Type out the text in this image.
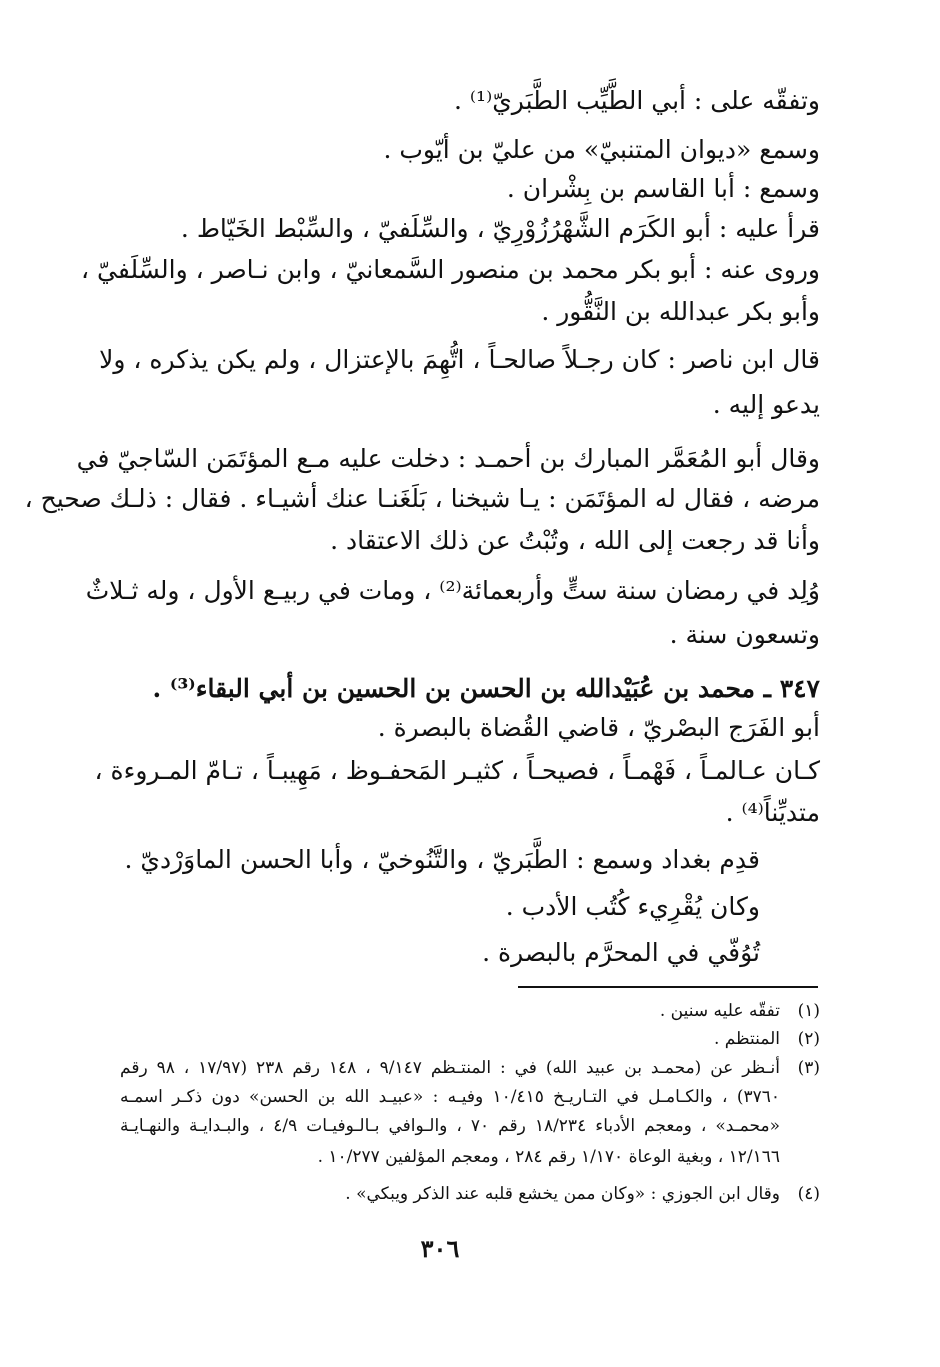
وتفقّه على : أبي الطَّيِّب الطَّبَريّ⁽¹⁾ .
وسمع «ديوان المتنبيّ» من عليّ بن أيّوب .
وسمع : أبا القاسم بن بِشْران .
قرأ عليه : أبو الكَرَم الشَّهْرُزُوْرِيّ ، والسِّلَفيّ ، والسِّبْط الخَيّاط .
وروى عنه : أبو بكر محمد بن منصور السَّمعانيّ ، وابن نـاصر ، والسِّلَفيّ ،
وأبو بكر عبدالله بن النَّقُّور .
قال ابن ناصر : كان رجـلاً صالحـاً ، اتُّهِمَ بالإعتزال ، ولم يكن يذكره ، ولا
يدعو إليه .
وقال أبو المُعَمَّر المبارك بن أحمـد : دخلت عليه مـع المؤتَمَن السّاجيّ في
مرضه ، فقال له المؤتَمَن : يـا شيخنا ، بَلَغَنـا عنك أشيـاء . فقال : ذلـك صحيح ،
وأنا قد رجعت إلى الله ، وتُبْتُ عن ذلك الاعتقاد .
وُلِد في رمضان سنة ستٍّ وأربعمائة⁽²⁾ ، ومات في ربيـع الأول ، وله ثـلاثٌ
وتسعون سنة .
٣٤٧ ـ محمد بن عُبَيْدالله بن الحسن بن الحسين بن أبي البقاء⁽³⁾ .
أبو الفَرَج البصْريّ ، قاضي القُضاة بالبصرة .
كـان عـالمـاً ، فَهْمـاً ، فصيحـاً ، كثيـر المَحفـوظ ، مَهِيبـاً ، تـامّ المـروءة ،
متديِّناً⁽⁴⁾ .
قدِم بغداد وسمع : الطَّبَريّ ، والتَّنُوخيّ ، وأبا الحسن الماوَرْديّ .
وكان يُقْرِيء كُتُب الأدب .
تُوُفّي في المحرَّم بالبصرة .
(١)
تفقّه عليه سنين .
(٢)
المنتظم .
(٣)
أنـظر عن (محمـد بن عبيد الله) في : المنتـظم ٩/١٤٧ ، ١٤٨ رقم ٢٣٨ (١٧/٩٧ ، ٩٨ رقم
٣٧٦٠) ، والكـامـل في التـاريـخ ١٠/٤١٥ وفيـه : «عبيـد الله بن الحسن» دون ذكـر اسمـه
«محمـد» ، ومعجم الأدباء ١٨/٢٣٤ رقم ٧٠ ، والـوافي بـالـوفيـات ٤/٩ ، والبـدايـة والنهـايـة
١٢/١٦٦ ، وبغية الوعاة ١/١٧٠ رقم ٢٨٤ ، ومعجم المؤلفين ١٠/٢٧٧ .
(٤)
وقال ابن الجوزي : «وكان ممن يخشع قلبه عند الذكر ويبكي» .
٣٠٦
